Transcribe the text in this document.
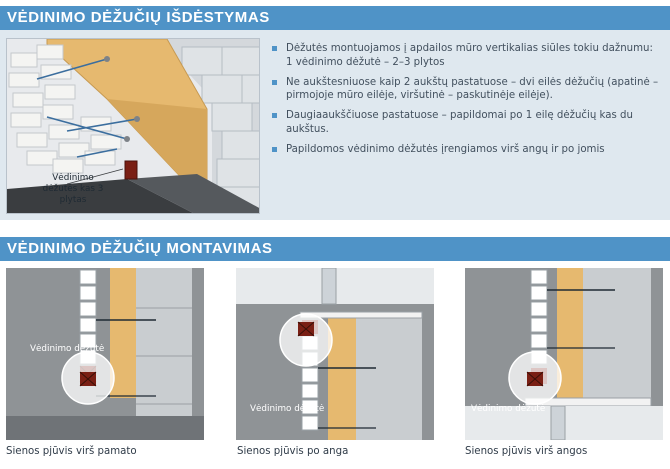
VĖDINIMO DĖŽUČIŲ IŠDĖSTYMAS
Vėdinimo dėžutės kas 3 plytas
Dėžutės montuojamos į apdailos mūro vertikalias siūles tokiu dažnumu: 1 vėdinimo dėžutė – 2–3 plytos
Ne aukštesniuose kaip 2 aukštų pastatuose – dvi eilės dėžučių (apatinė – pirmojoje mūro eilėje, viršutinė – paskutinėje eilėje).
Daugiaaukščiuose pastatuose – papildomai po 1 eilę dėžučių kas du aukštus.
Papildomos vėdinimo dėžutės įrengiamos virš angų ir po jomis
VĖDINIMO DĖŽUČIŲ MONTAVIMAS
Vėdinimo dėžutė
Vėdinimo dėžutė	Vėdinimo dėžutė
Sienos pjūvis virš pamato	Sienos pjūvis po anga	Sienos pjūvis virš angos
